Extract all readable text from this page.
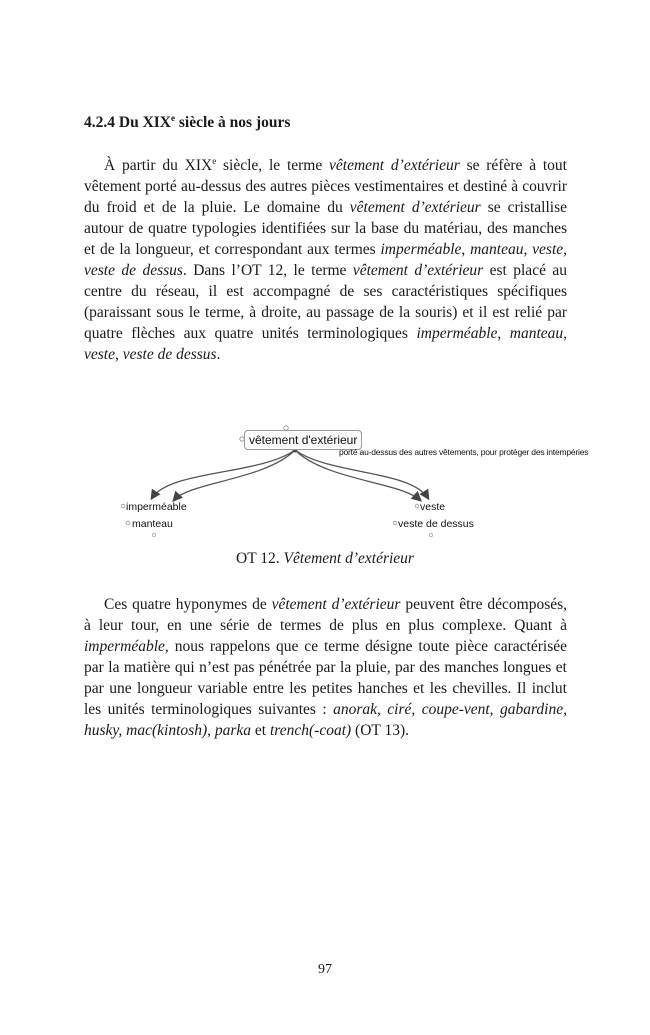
4.2.4 Du XIXe siècle à nos jours

À partir du XIXe siècle, le terme vêtement d’extérieur se réfère à tout vêtement porté au-dessus des autres pièces vestimentaires et destiné à couvrir du froid et de la pluie. Le domaine du vêtement d’extérieur se cristallise autour de quatre typologies identifiées sur la base du matériau, des manches et de la longueur, et correspondant aux termes imperméable, manteau, veste, veste de dessus. Dans l’OT 12, le terme vêtement d’extérieur est placé au centre du réseau, il est accompagné de ses caractéristiques spécifiques (paraissant sous le terme, à droite, au passage de la souris) et il est relié par quatre flèches aux quatre unités terminologiques imperméable, manteau, veste, veste de dessus.

vêtement d'extérieur
porté au-dessus des autres vêtements, pour protéger des intempéries
imperméable
manteau
veste
veste de dessus

OT 12. Vêtement d’extérieur

Ces quatre hyponymes de vêtement d’extérieur peuvent être décomposés, à leur tour, en une série de termes de plus en plus complexe. Quant à imperméable, nous rappelons que ce terme désigne toute pièce caractérisée par la matière qui n’est pas pénétrée par la pluie, par des manches longues et par une longueur variable entre les petites hanches et les chevilles. Il inclut les unités terminologiques suivantes : anorak, ciré, coupe-vent, gabardine, husky, mac(kintosh), parka et trench(-coat) (OT 13).

97
